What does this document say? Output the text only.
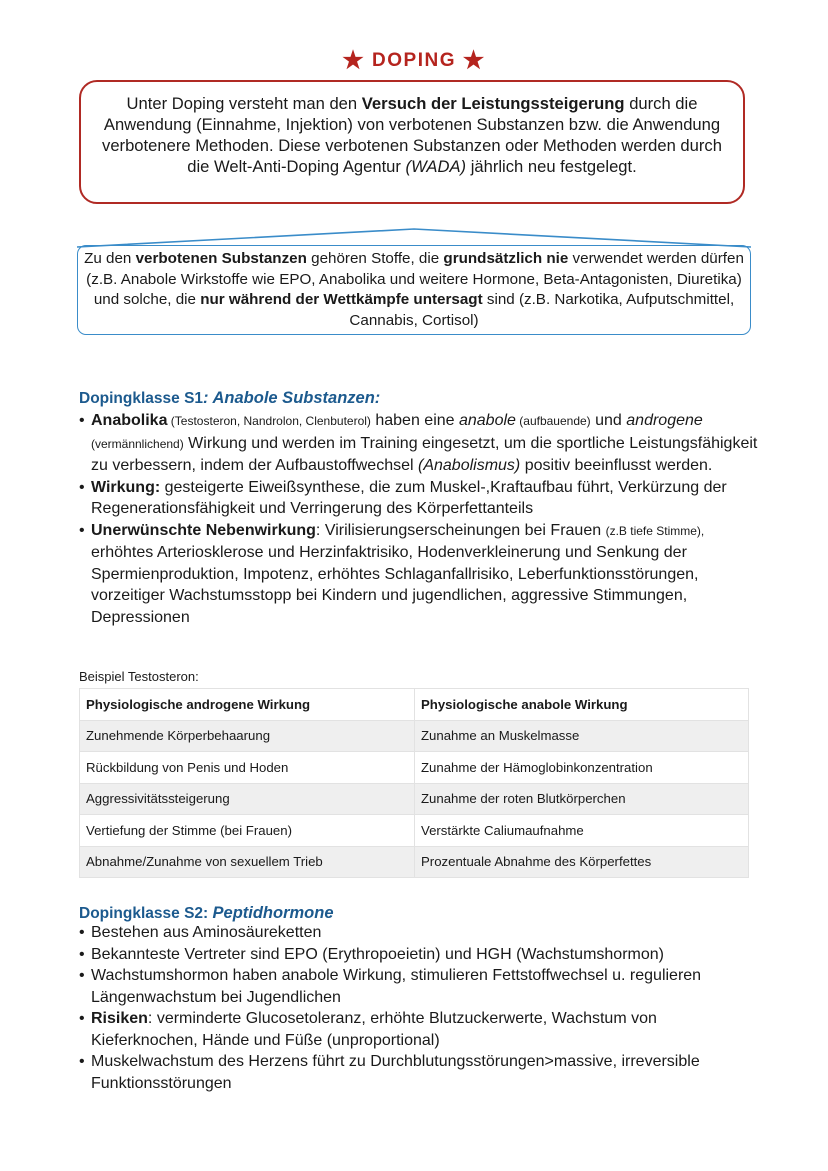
★ DOPING ★
Unter Doping versteht man den Versuch der Leistungssteigerung durch die Anwendung (Einnahme, Injektion) von verbotenen Substanzen bzw. die Anwendung verbotenere Methoden. Diese verbotenen Substanzen oder Methoden werden durch die Welt-Anti-Doping Agentur (WADA) jährlich neu festgelegt.
Zu den verbotenen Substanzen gehören Stoffe, die grundsätzlich nie verwendet werden dürfen (z.B. Anabole Wirkstoffe wie EPO, Anabolika und weitere Hormone, Beta-Antagonisten, Diuretika) und solche, die nur während der Wettkämpfe untersagt sind (z.B. Narkotika, Aufputschmittel, Cannabis, Cortisol)
Dopingklasse S1: Anabole Substanzen:
• Anabolika (Testosteron, Nandrolon, Clenbuterol) haben eine anabole (aufbauende) und androgene (vermännlichend) Wirkung und werden im Training eingesetzt, um die sportliche Leistungsfähigkeit zu verbessern, indem der Aufbaustoffwechsel (Anabolismus) positiv beeinflusst werden.
• Wirkung: gesteigerte Eiweißsynthese, die zum Muskel-,Kraftaufbau führt, Verkürzung der Regenerationsfähigkeit und Verringerung des Körperfettanteils
• Unerwünschte Nebenwirkung: Virilisierungserscheinungen bei Frauen (z.B tiefe Stimme), erhöhtes Arteriosklerose und Herzinfaktrisiko, Hodenverkleinerung und Senkung der Spermienproduktion, Impotenz, erhöhtes Schlaganfallrisiko, Leberfunktionsstörungen, vorzeitiger Wachstumsstopp bei Kindern und jugendlichen, aggressive Stimmungen, Depressionen
Beispiel Testosteron:
Physiologische androgene Wirkung	Physiologische anabole Wirkung
Zunehmende Körperbehaarung	Zunahme an Muskelmasse
Rückbildung von Penis und Hoden	Zunahme der Hämoglobinkonzentration
Aggressivitätssteigerung	Zunahme der roten Blutkörperchen
Vertiefung der Stimme (bei Frauen)	Verstärkte Caliumaufnahme
Abnahme/Zunahme von sexuellem Trieb	Prozentuale Abnahme des Körperfettes
Dopingklasse S2: Peptidhormone
• Bestehen aus Aminosäureketten
• Bekannteste Vertreter sind EPO (Erythropoeietin) und HGH (Wachstumshormon)
• Wachstumshormon haben anabole Wirkung, stimulieren Fettstoffwechsel u. regulieren Längenwachstum bei Jugendlichen
• Risiken: verminderte Glucosetoleranz, erhöhte Blutzuckerwerte, Wachstum von Kieferknochen, Hände und Füße (unproportional)
• Muskelwachstum des Herzens führt zu Durchblutungsstörungen>massive, irreversible Funktionsstörungen
